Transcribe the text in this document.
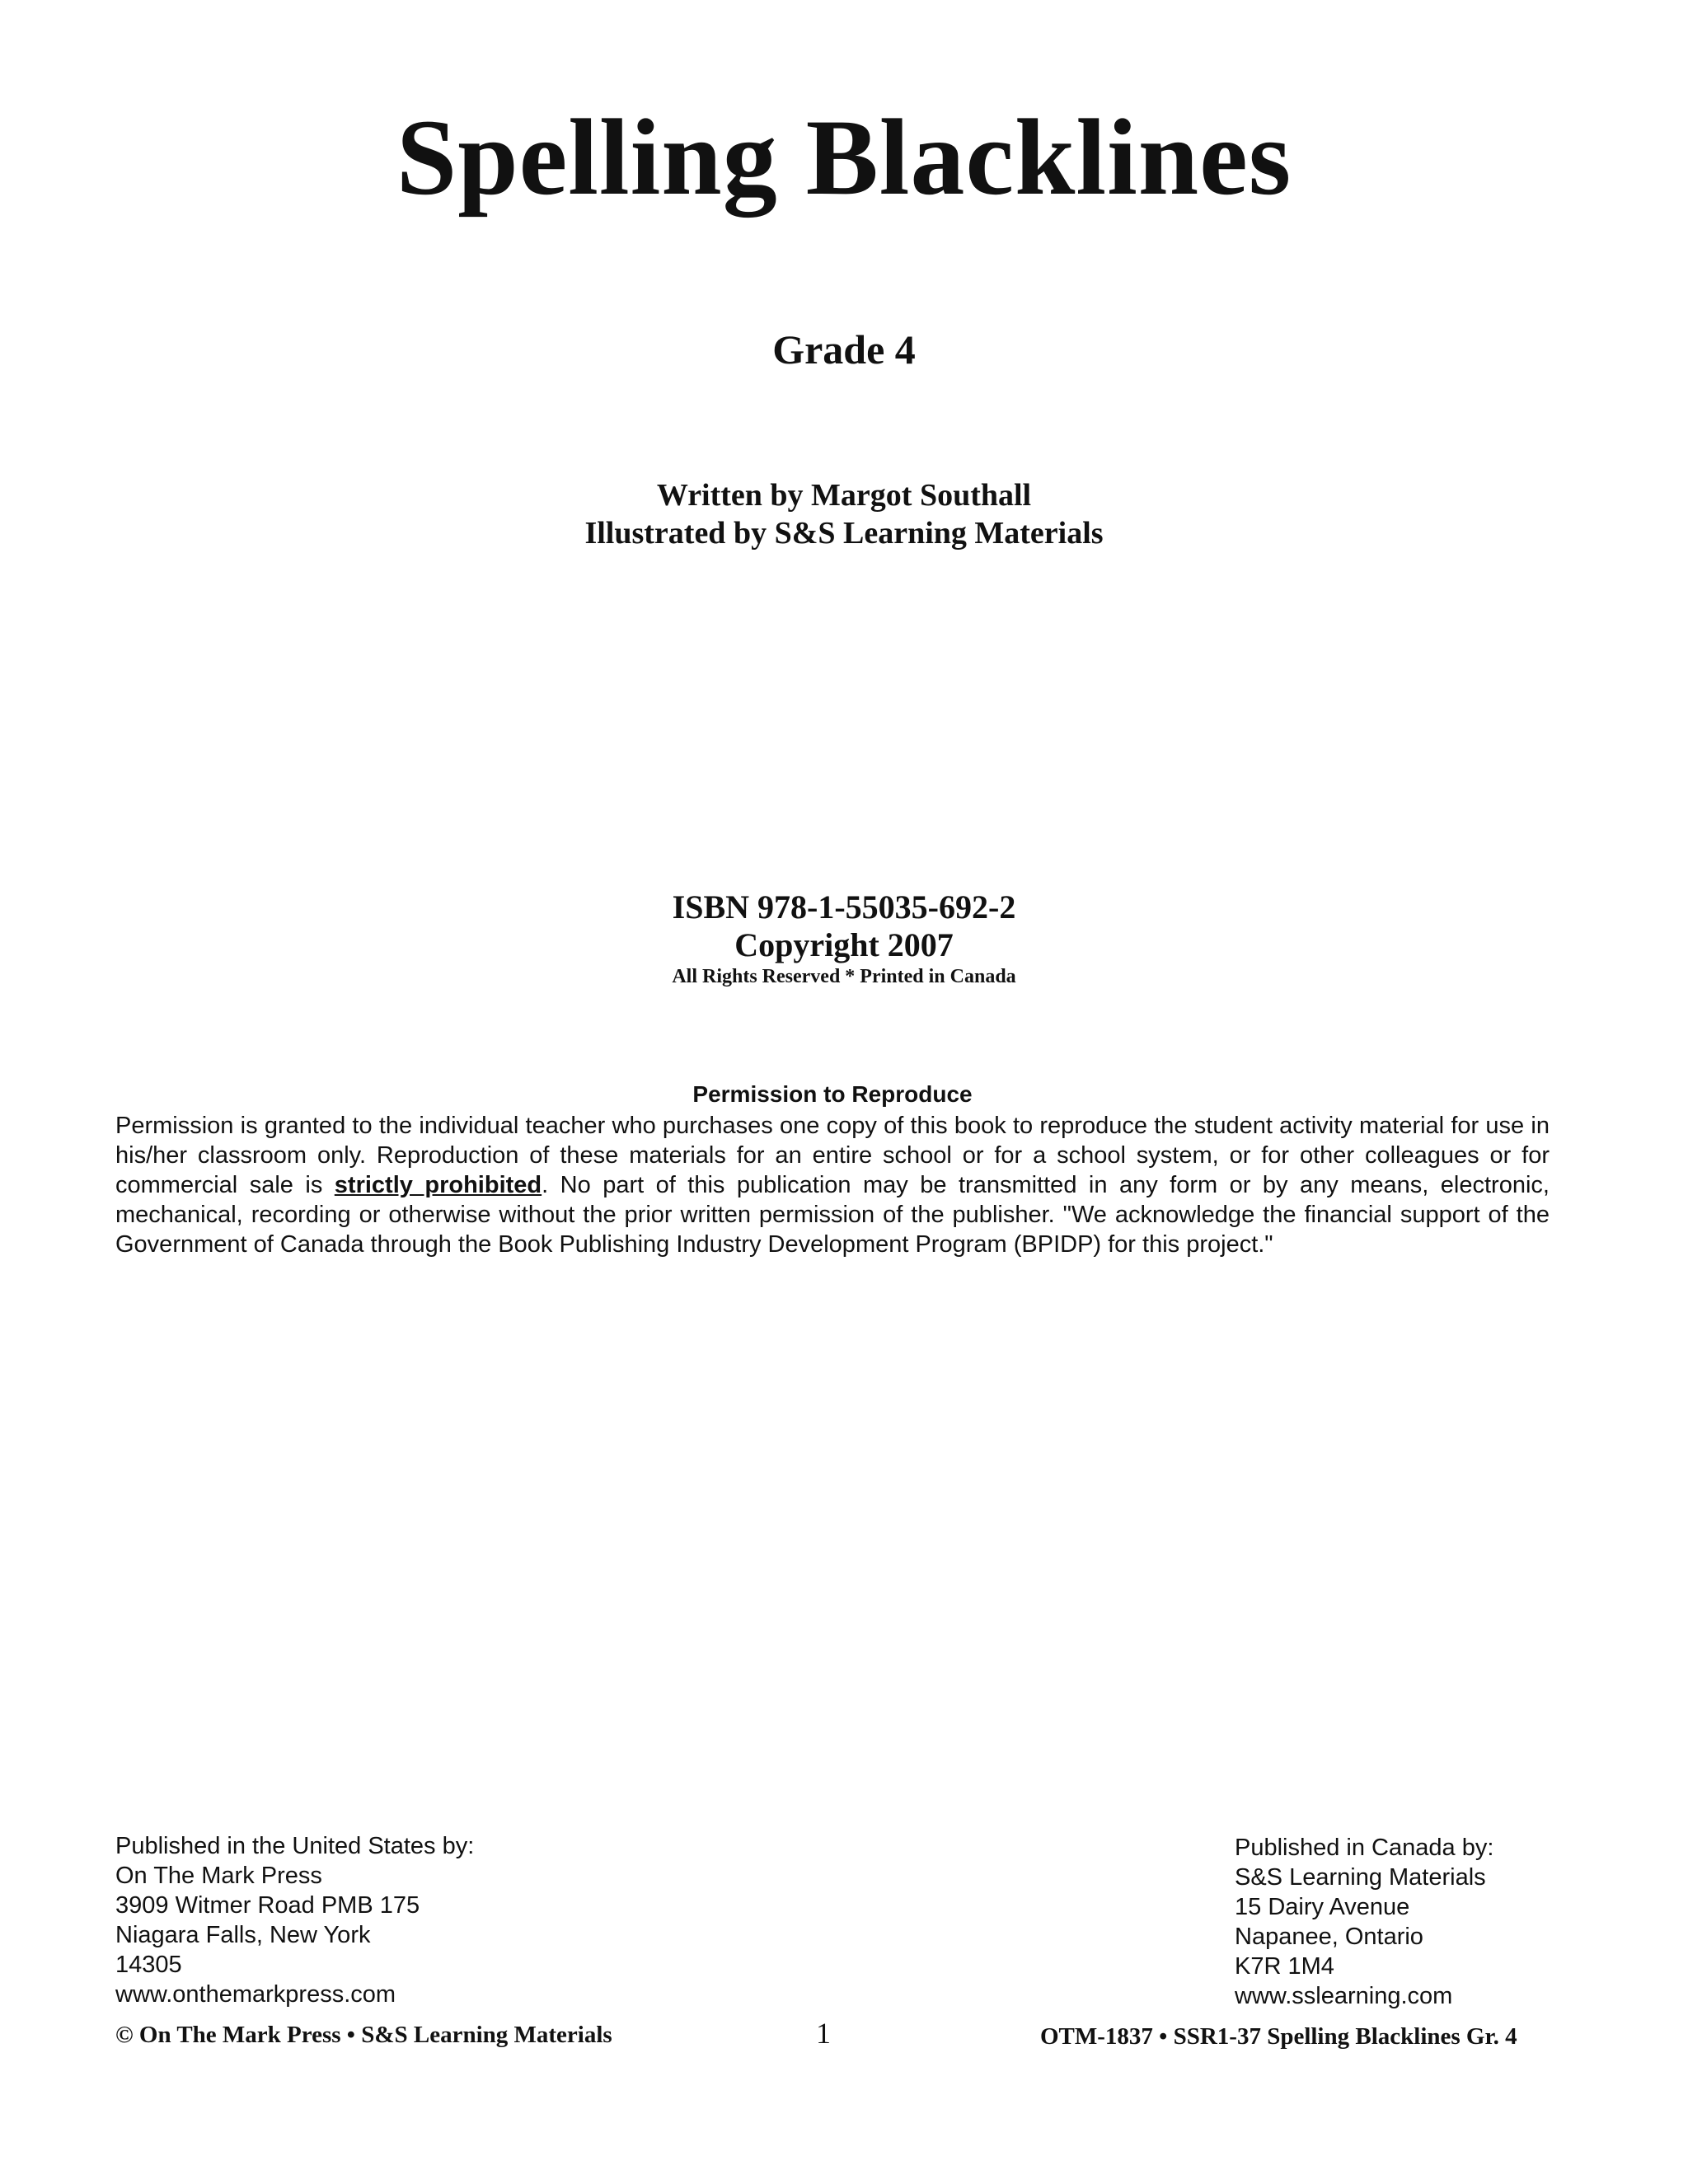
Spelling Blacklines
Grade 4
Written by Margot Southall
Illustrated by S&S Learning Materials
ISBN 978-1-55035-692-2
Copyright 2007
All Rights Reserved * Printed in Canada
Permission to Reproduce
Permission is granted to the individual teacher who purchases one copy of this book to reproduce the student activity material for use in his/her classroom only. Reproduction of these materials for an entire school or for a school system, or for other colleagues or for commercial sale is strictly prohibited. No part of this publication may be transmitted in any form or by any means, electronic, mechanical, recording or otherwise without the prior written permission of the publisher. "We acknowledge the financial support of the Government of Canada through the Book Publishing Industry Development Program (BPIDP) for this project."
Published in the United States by:
On The Mark Press
3909 Witmer Road PMB 175
Niagara Falls, New York
14305
www.onthemarkpress.com
Published in Canada by:
S&S Learning Materials
15 Dairy Avenue
Napanee, Ontario
K7R 1M4
www.sslearning.com
© On The Mark Press • S&S Learning Materials	1	OTM-1837 • SSR1-37 Spelling Blacklines Gr. 4
